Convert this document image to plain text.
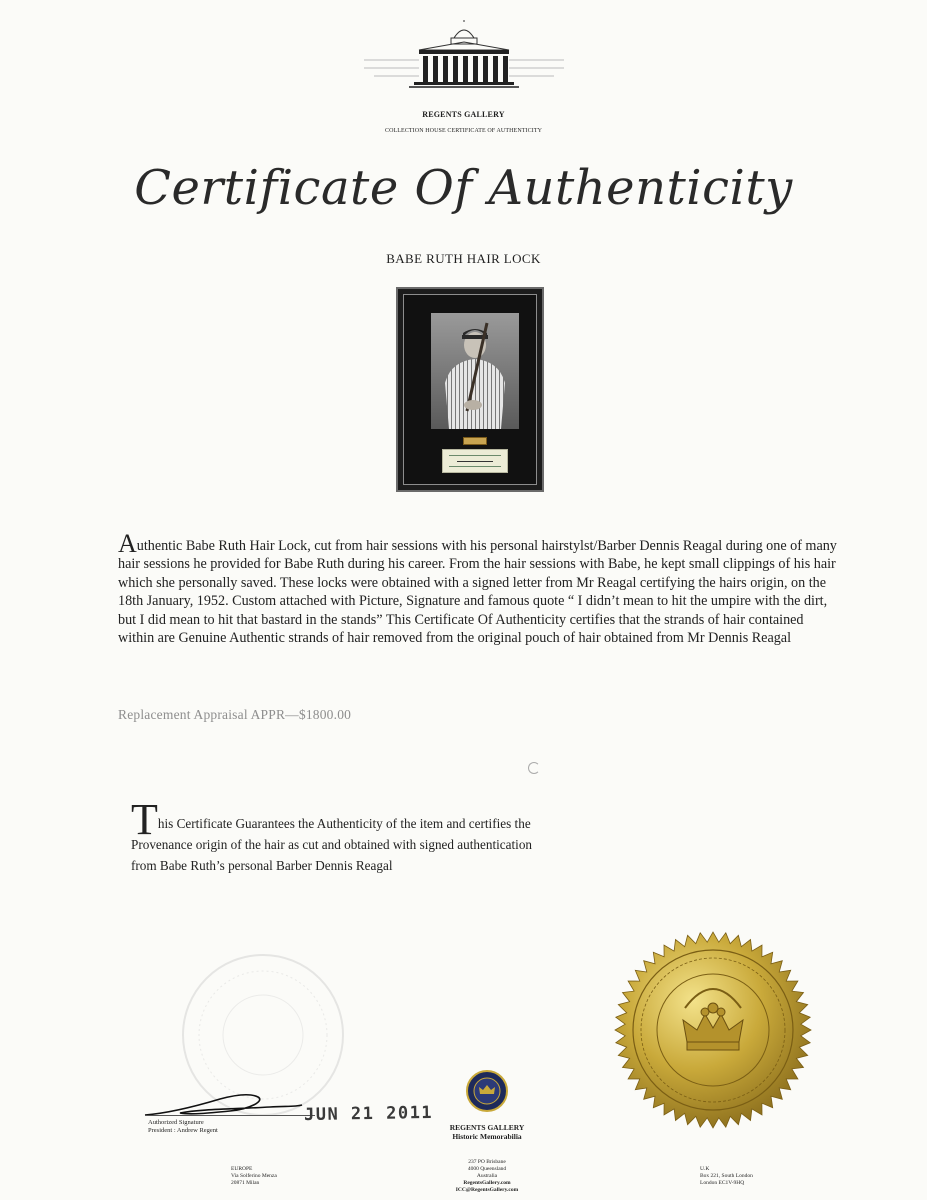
REGENTS GALLERY
COLLECTION HOUSE CERTIFICATE OF AUTHENTICITY
Certificate Of Authenticity
BABE RUTH HAIR LOCK
Authentic Babe Ruth Hair Lock, cut from hair sessions with his personal hairstylst/Barber Dennis Reagal during one of many hair sessions he provided for Babe Ruth during his career. From the hair sessions with Babe, he kept small clippings of his hair which she personally saved. These locks were obtained with a signed letter from Mr Reagal certifying the hairs origin, on the 18th January, 1952. Custom attached with Picture, Signature and famous quote “ I didn’t mean to hit the umpire with the dirt, but I did mean to hit that bastard in the stands” This Certificate Of Authenticity certifies that the strands of hair contained within are Genuine Authentic strands of hair removed from the original pouch of hair obtained from Mr Dennis Reagal
Replacement Appraisal APPR—$1800.00
This Certificate Guarantees the Authenticity of the item and certifies the
Provenance origin of the hair as cut and obtained with signed authentication
from Babe Ruth’s personal Barber Dennis Reagal
Authorized Signature
President : Andrew Regent
JUN 21 2011
REGENTS GALLERY
Historic Memorabilia
237 PO Brisbane
4000 Queensland
Australia
RegentsGallery.com
ICC@RegentsGallery.com
EUROPE
Via Solferino Menza
20871 Milan
U.K
Box 221, South London
London EC1V-9HQ
